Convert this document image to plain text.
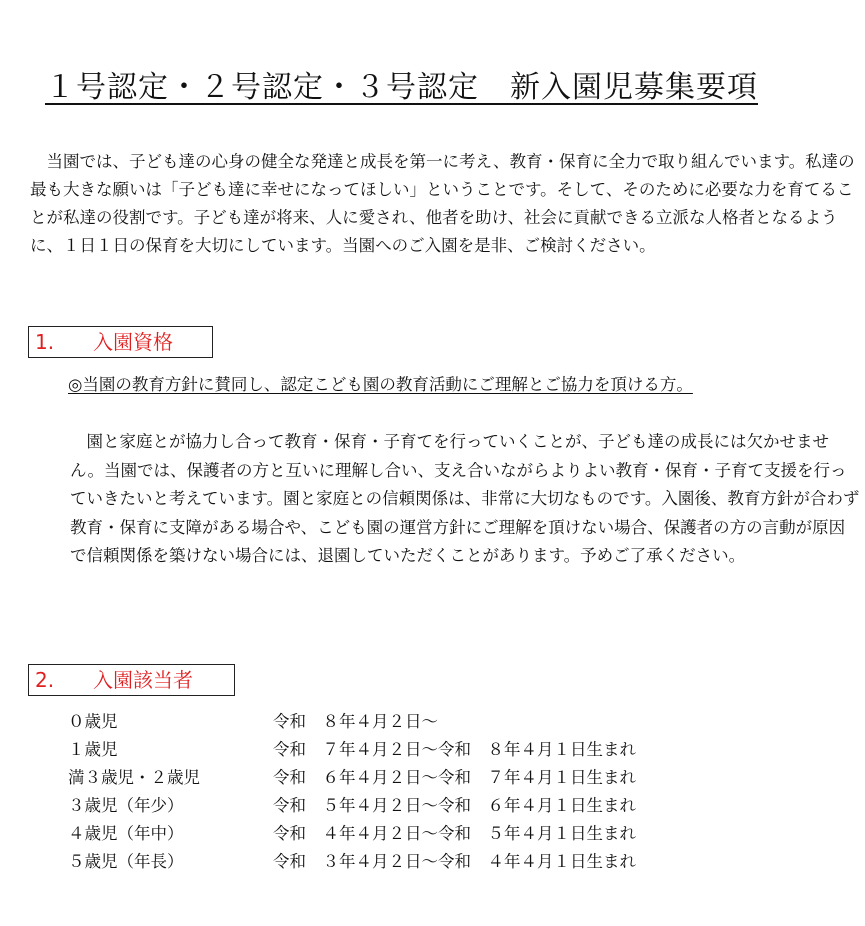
１号認定・２号認定・３号認定　新入園児募集要項

　当園では、子ども達の心身の健全な発達と成長を第一に考え、教育・保育に全力で取り組んでいます。私達の最も大きな願いは「子ども達に幸せになってほしい」ということです。そして、そのために必要な力を育てることが私達の役割です。子ども達が将来、人に愛され、他者を助け、社会に貢献できる立派な人格者となるように、１日１日の保育を大切にしています。当園へのご入園を是非、ご検討ください。

1. 入園資格
◎当園の教育方針に賛同し、認定こども園の教育活動にご理解とご協力を頂ける方。

　園と家庭とが協力し合って教育・保育・子育てを行っていくことが、子ども達の成長には欠かせません。当園では、保護者の方と互いに理解し合い、支え合いながらよりよい教育・保育・子育て支援を行っていきたいと考えています。園と家庭との信頼関係は、非常に大切なものです。入園後、教育方針が合わず教育・保育に支障がある場合や、こども園の運営方針にご理解を頂けない場合、保護者の方の言動が原因で信頼関係を築けない場合には、退園していただくことがあります。予めご了承ください。

2. 入園該当者
０歳児	令和　８年４月２日～
１歳児	令和　７年４月２日～令和　８年４月１日生まれ
満３歳児・２歳児	令和　６年４月２日～令和　７年４月１日生まれ
３歳児（年少）	令和　５年４月２日～令和　６年４月１日生まれ
４歳児（年中）	令和　４年４月２日～令和　５年４月１日生まれ
５歳児（年長）	令和　３年４月２日～令和　４年４月１日生まれ
